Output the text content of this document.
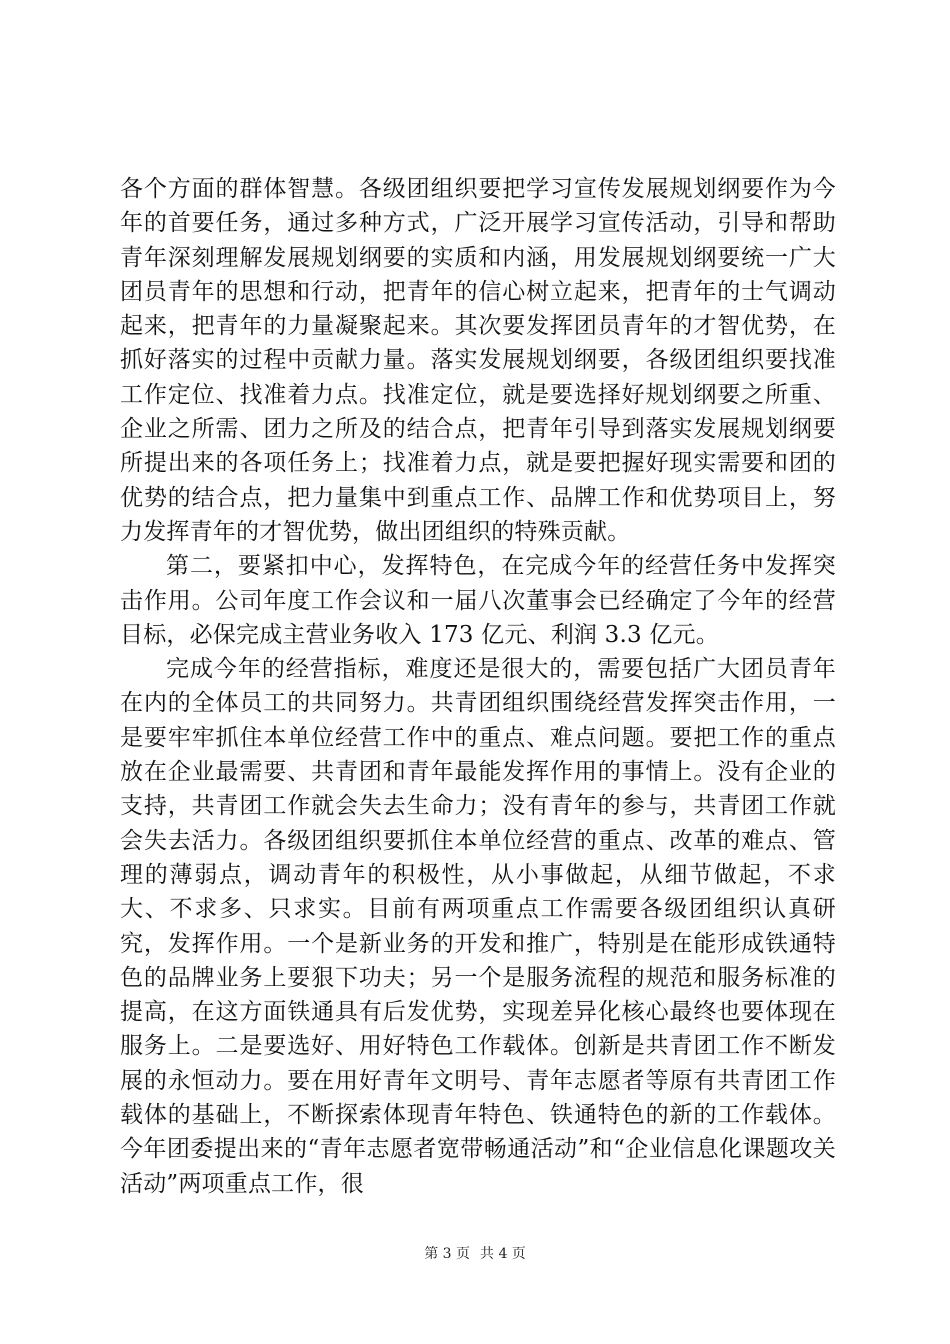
各个方面的群体智慧。各级团组织要把学习宣传发展规划纲要作为今年的首要任务，通过多种方式，广泛开展学习宣传活动，引导和帮助青年深刻理解发展规划纲要的实质和内涵，用发展规划纲要统一广大团员青年的思想和行动，把青年的信心树立起来，把青年的士气调动起来，把青年的力量凝聚起来。其次要发挥团员青年的才智优势，在抓好落实的过程中贡献力量。落实发展规划纲要，各级团组织要找准工作定位、找准着力点。找准定位，就是要选择好规划纲要之所重、企业之所需、团力之所及的结合点，把青年引导到落实发展规划纲要所提出来的各项任务上；找准着力点，就是要把握好现实需要和团的优势的结合点，把力量集中到重点工作、品牌工作和优势项目上，努力发挥青年的才智优势，做出团组织的特殊贡献。

第二，要紧扣中心，发挥特色，在完成今年的经营任务中发挥突击作用。公司年度工作会议和一届八次董事会已经确定了今年的经营目标，必保完成主营业务收入 173 亿元、利润 3.3 亿元。

完成今年的经营指标，难度还是很大的，需要包括广大团员青年在内的全体员工的共同努力。共青团组织围绕经营发挥突击作用，一是要牢牢抓住本单位经营工作中的重点、难点问题。要把工作的重点放在企业最需要、共青团和青年最能发挥作用的事情上。没有企业的支持，共青团工作就会失去生命力；没有青年的参与，共青团工作就会失去活力。各级团组织要抓住本单位经营的重点、改革的难点、管理的薄弱点，调动青年的积极性，从小事做起，从细节做起，不求大、不求多、只求实。目前有两项重点工作需要各级团组织认真研究，发挥作用。一个是新业务的开发和推广，特别是在能形成铁通特色的品牌业务上要狠下功夫；另一个是服务流程的规范和服务标准的提高，在这方面铁通具有后发优势，实现差异化核心最终也要体现在服务上。二是要选好、用好特色工作载体。创新是共青团工作不断发展的永恒动力。要在用好青年文明号、青年志愿者等原有共青团工作载体的基础上，不断探索体现青年特色、铁通特色的新的工作载体。今年团委提出来的“青年志愿者宽带畅通活动”和“企业信息化课题攻关活动”两项重点工作，很

第 3 页 共 4 页
